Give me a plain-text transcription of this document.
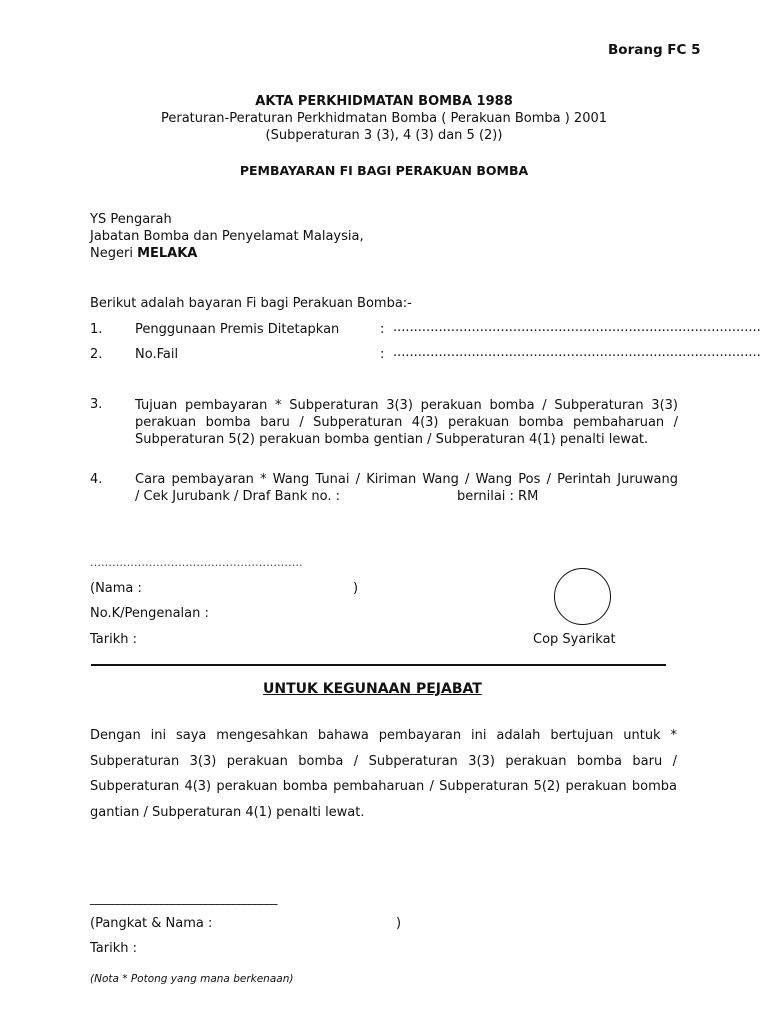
Borang FC 5
AKTA PERKHIDMATAN BOMBA 1988
Peraturan-Peraturan Perkhidmatan Bomba ( Perakuan Bomba ) 2001
(Subperaturan 3 (3), 4 (3) dan 5 (2))
PEMBAYARAN FI BAGI PERAKUAN BOMBA
YS Pengarah
Jabatan Bomba dan Penyelamat Malaysia,
Negeri MELAKA
Berikut adalah bayaran Fi bagi Perakuan Bomba:-
1.	Penggunaan Premis Ditetapkan	: .........................................................................................
2.	No.Fail	: .........................................................................................
3.	Tujuan pembayaran * Subperaturan 3(3) perakuan bomba / Subperaturan 3(3) perakuan bomba baru / Subperaturan 4(3) perakuan bomba pembaharuan / Subperaturan 5(2) perakuan bomba gentian / Subperaturan 4(1) penalti lewat.
4.	Cara pembayaran * Wang Tunai / Kiriman Wang / Wang Pos / Perintah Juruwang
/ Cek Jurubank / Draf Bank no. :	bernilai : RM
………………………………………………….
(Nama :	)
No.K/Pengenalan :
Tarikh :	Cop Syarikat
UNTUK KEGUNAAN PEJABAT
Dengan ini saya mengesahkan bahawa pembayaran ini adalah bertujuan untuk * Subperaturan 3(3) perakuan bomba / Subperaturan 3(3) perakuan bomba baru / Subperaturan 4(3) perakuan bomba pembaharuan / Subperaturan 5(2) perakuan bomba gantian / Subperaturan 4(1) penalti lewat.
__________________________________
(Pangkat & Nama :	)
Tarikh :
(Nota * Potong yang mana berkenaan)
